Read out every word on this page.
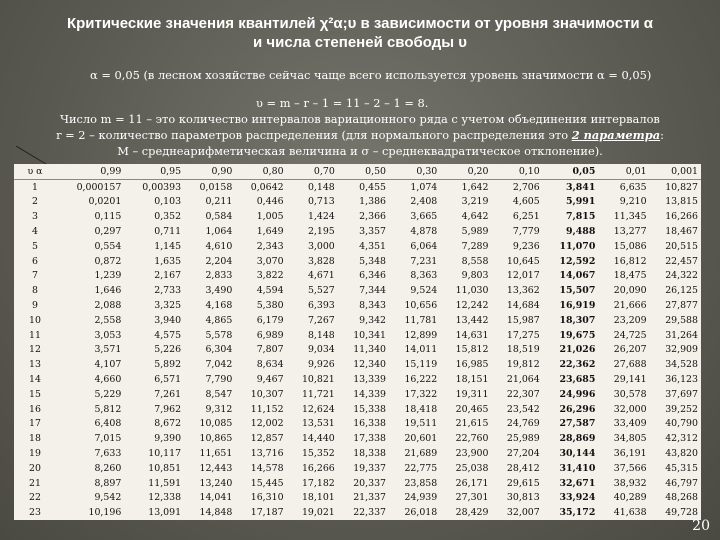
Критические значения квантилей χ²α;υ в зависимости от уровня значимости α
и числа степеней свободы υ
α = 0,05 (в лесном хозяйстве сейчас чаще всего используется уровень значимости α = 0,05)
υ = m – r – 1 = 11 – 2 – 1 = 8.
Число m = 11 – это количество интервалов вариационного ряда с учетом объединения интервалов
r = 2 – количество параметров распределения (для нормального распределения это 2 параметра:
M – среднеарифметическая величина и σ – среднеквадратическое отклонение).
υ α	0,99	0,95	0,90	0,80	0,70	0,50	0,30	0,20	0,10	0,05	0,01	0,001
1	0,000157	0,00393	0,0158	0,0642	0,148	0,455	1,074	1,642	2,706	3,841	6,635	10,827
2	0,0201	0,103	0,211	0,446	0,713	1,386	2,408	3,219	4,605	5,991	9,210	13,815
3	0,115	0,352	0,584	1,005	1,424	2,366	3,665	4,642	6,251	7,815	11,345	16,266
4	0,297	0,711	1,064	1,649	2,195	3,357	4,878	5,989	7,779	9,488	13,277	18,467
5	0,554	1,145	4,610	2,343	3,000	4,351	6,064	7,289	9,236	11,070	15,086	20,515
6	0,872	1,635	2,204	3,070	3,828	5,348	7,231	8,558	10,645	12,592	16,812	22,457
7	1,239	2,167	2,833	3,822	4,671	6,346	8,363	9,803	12,017	14,067	18,475	24,322
8	1,646	2,733	3,490	4,594	5,527	7,344	9,524	11,030	13,362	15,507	20,090	26,125
9	2,088	3,325	4,168	5,380	6,393	8,343	10,656	12,242	14,684	16,919	21,666	27,877
10	2,558	3,940	4,865	6,179	7,267	9,342	11,781	13,442	15,987	18,307	23,209	29,588
11	3,053	4,575	5,578	6,989	8,148	10,341	12,899	14,631	17,275	19,675	24,725	31,264
12	3,571	5,226	6,304	7,807	9,034	11,340	14,011	15,812	18,519	21,026	26,207	32,909
13	4,107	5,892	7,042	8,634	9,926	12,340	15,119	16,985	19,812	22,362	27,688	34,528
14	4,660	6,571	7,790	9,467	10,821	13,339	16,222	18,151	21,064	23,685	29,141	36,123
15	5,229	7,261	8,547	10,307	11,721	14,339	17,322	19,311	22,307	24,996	30,578	37,697
16	5,812	7,962	9,312	11,152	12,624	15,338	18,418	20,465	23,542	26,296	32,000	39,252
17	6,408	8,672	10,085	12,002	13,531	16,338	19,511	21,615	24,769	27,587	33,409	40,790
18	7,015	9,390	10,865	12,857	14,440	17,338	20,601	22,760	25,989	28,869	34,805	42,312
19	7,633	10,117	11,651	13,716	15,352	18,338	21,689	23,900	27,204	30,144	36,191	43,820
20	8,260	10,851	12,443	14,578	16,266	19,337	22,775	25,038	28,412	31,410	37,566	45,315
21	8,897	11,591	13,240	15,445	17,182	20,337	23,858	26,171	29,615	32,671	38,932	46,797
22	9,542	12,338	14,041	16,310	18,101	21,337	24,939	27,301	30,813	33,924	40,289	48,268
23	10,196	13,091	14,848	17,187	19,021	22,337	26,018	28,429	32,007	35,172	41,638	49,728
20
